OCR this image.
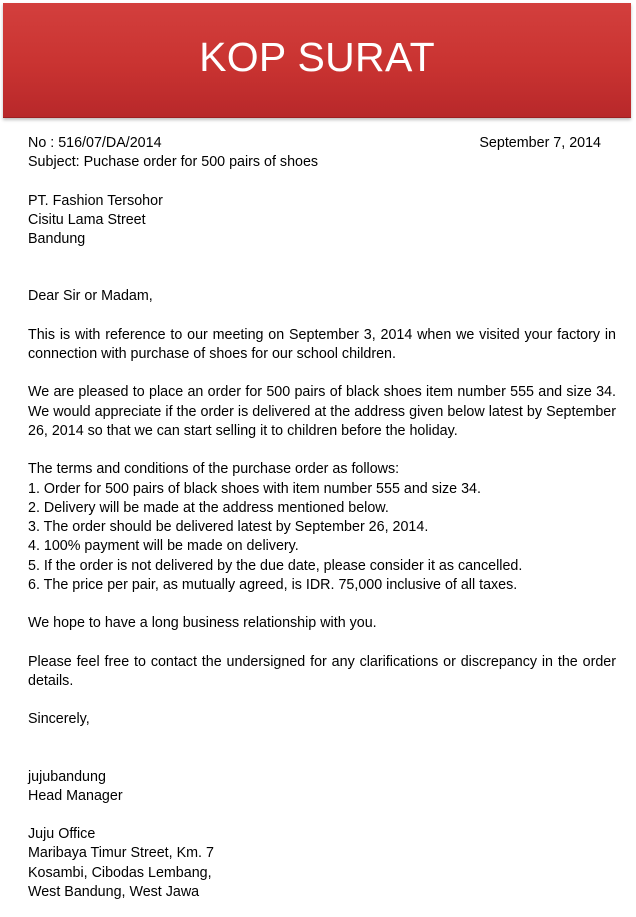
KOP SURAT
No : 516/07/DA/2014	September 7, 2014
Subject: Puchase order for 500 pairs of shoes
PT. Fashion Tersohor
Cisitu Lama Street
Bandung
Dear Sir or Madam,
This is with reference to our meeting on September 3, 2014 when we visited your factory in connection with purchase of shoes for our school children.
We are pleased to place an order for 500 pairs of black shoes item number 555 and size 34. We would appreciate if the order is delivered at the address given below latest by September 26, 2014 so that we can start selling it to children before the holiday.
The terms and conditions of the purchase order as follows:
1. Order for 500 pairs of black shoes with item number 555 and size 34.
2. Delivery will be made at the address mentioned below.
3. The order should be delivered latest by September 26, 2014.
4. 100% payment will be made on delivery.
5. If the order is not delivered by the due date, please consider it as cancelled.
6. The price per pair, as mutually agreed, is IDR. 75,000 inclusive of all taxes.
We hope to have a long business relationship with you.
Please feel free to contact the undersigned for any clarifications or discrepancy in the order details.
Sincerely,
jujubandung
Head Manager
Juju Office
Maribaya Timur Street, Km. 7
Kosambi, Cibodas Lembang,
West Bandung, West Jawa
